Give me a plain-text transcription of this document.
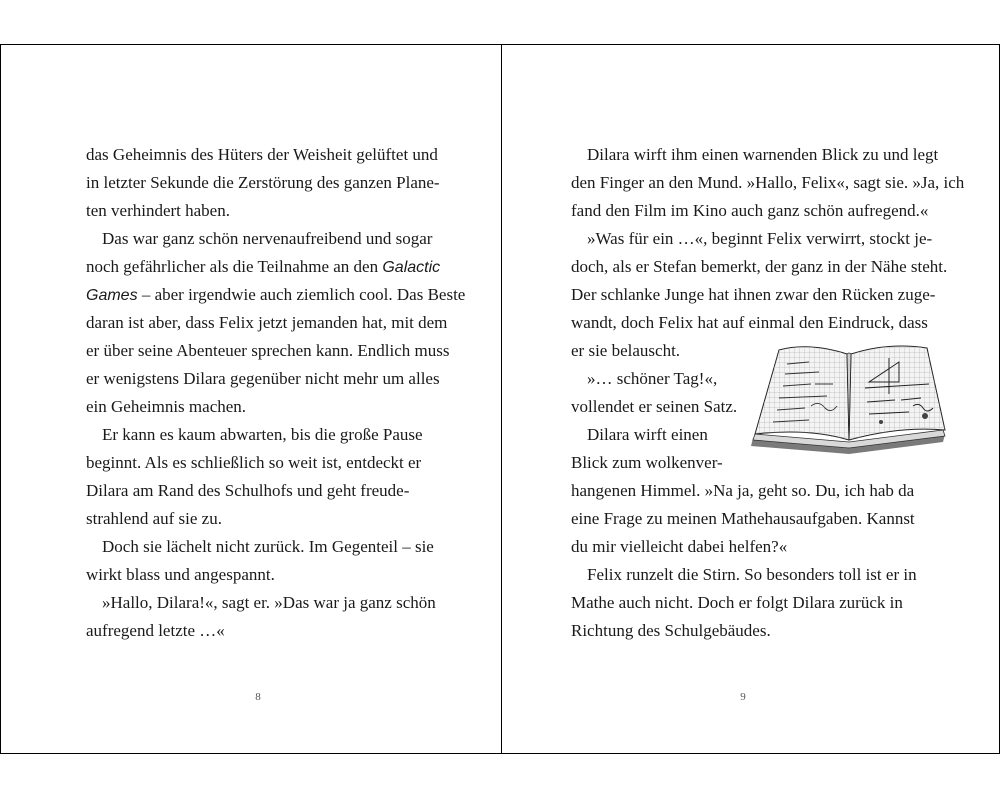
das Geheimnis des Hüters der Weisheit gelüftet und
in letzter Sekunde die Zerstörung des ganzen Plane-
ten verhindert haben.
Das war ganz schön nervenaufreibend und sogar
noch gefährlicher als die Teilnahme an den Galactic
Games – aber irgendwie auch ziemlich cool. Das Beste
daran ist aber, dass Felix jetzt jemanden hat, mit dem
er über seine Abenteuer sprechen kann. Endlich muss
er wenigstens Dilara gegenüber nicht mehr um alles
ein Geheimnis machen.
Er kann es kaum abwarten, bis die große Pause
beginnt. Als es schließlich so weit ist, entdeckt er
Dilara am Rand des Schulhofs und geht freude-
strahlend auf sie zu.
Doch sie lächelt nicht zurück. Im Gegenteil – sie
wirkt blass und angespannt.
»Hallo, Dilara!«, sagt er. »Das war ja ganz schön
aufregend letzte …«
8
Dilara wirft ihm einen warnenden Blick zu und legt
den Finger an den Mund. »Hallo, Felix«, sagt sie. »Ja, ich
fand den Film im Kino auch ganz schön aufregend.«
»Was für ein …«, beginnt Felix verwirrt, stockt je-
doch, als er Stefan bemerkt, der ganz in der Nähe steht.
Der schlanke Junge hat ihnen zwar den Rücken zuge-
wandt, doch Felix hat auf einmal den Eindruck, dass
er sie belauscht.
»… schöner Tag!«,
vollendet er seinen Satz.
Dilara wirft einen
Blick zum wolkenver-
hangenen Himmel. »Na ja, geht so. Du, ich hab da
eine Frage zu meinen Mathehausaufgaben. Kannst
du mir vielleicht dabei helfen?«
Felix runzelt die Stirn. So besonders toll ist er in
Mathe auch nicht. Doch er folgt Dilara zurück in
Richtung des Schulgebäudes.
9
